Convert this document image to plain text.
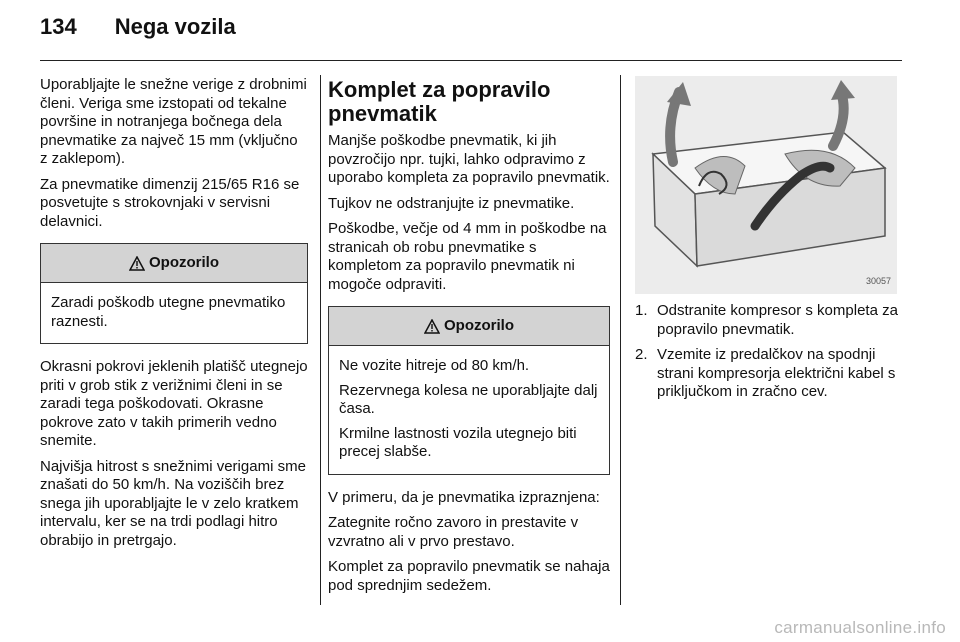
134 Nega vozila

Uporabljajte le snežne verige z drobnimi členi. Veriga sme izstopati od tekalne površine in notranjega bočnega dela pnevmatike za največ 15 mm (vključno z zaklepom).

Za pnevmatike dimenzij 215/65 R16 se posvetujte s strokovnjaki v servisni delavnici.

Opozorilo

Zaradi poškodb utegne pnevmatiko raznesti.

Okrasni pokrovi jeklenih platišč utegnejo priti v grob stik z verižnimi členi in se zaradi tega poškodovati. Okrasne pokrove zato v takih primerih vedno snemite.

Najvišja hitrost s snežnimi verigami sme znašati do 50 km/h. Na voziščih brez snega jih uporabljajte le v zelo kratkem intervalu, ker se na trdi podlagi hitro obrabijo in pretrgajo.

Komplet za popravilo pnevmatik

Manjše poškodbe pnevmatik, ki jih povzročijo npr. tujki, lahko odpravimo z uporabo kompleta za popravilo pnevmatik.

Tujkov ne odstranjujte iz pnevmatike.

Poškodbe, večje od 4 mm in poškodbe na stranicah ob robu pnevmatike s kompletom za popravilo pnevmatik ni mogoče odpraviti.

Opozorilo

Ne vozite hitreje od 80 km/h.

Rezervnega kolesa ne uporabljajte dalj časa.

Krmilne lastnosti vozila utegnejo biti precej slabše.

V primeru, da je pnevmatika izpraznjena:

Zategnite ročno zavoro in prestavite v vzvratno ali v prvo prestavo.

Komplet za popravilo pnevmatik se nahaja pod sprednjim sedežem.

30057
1. Odstranite kompresor s kompleta za popravilo pnevmatik.
2. Vzemite iz predalčkov na spodnji strani kompresorja električni kabel s priključkom in zračno cev.
carmanualsonline.info
